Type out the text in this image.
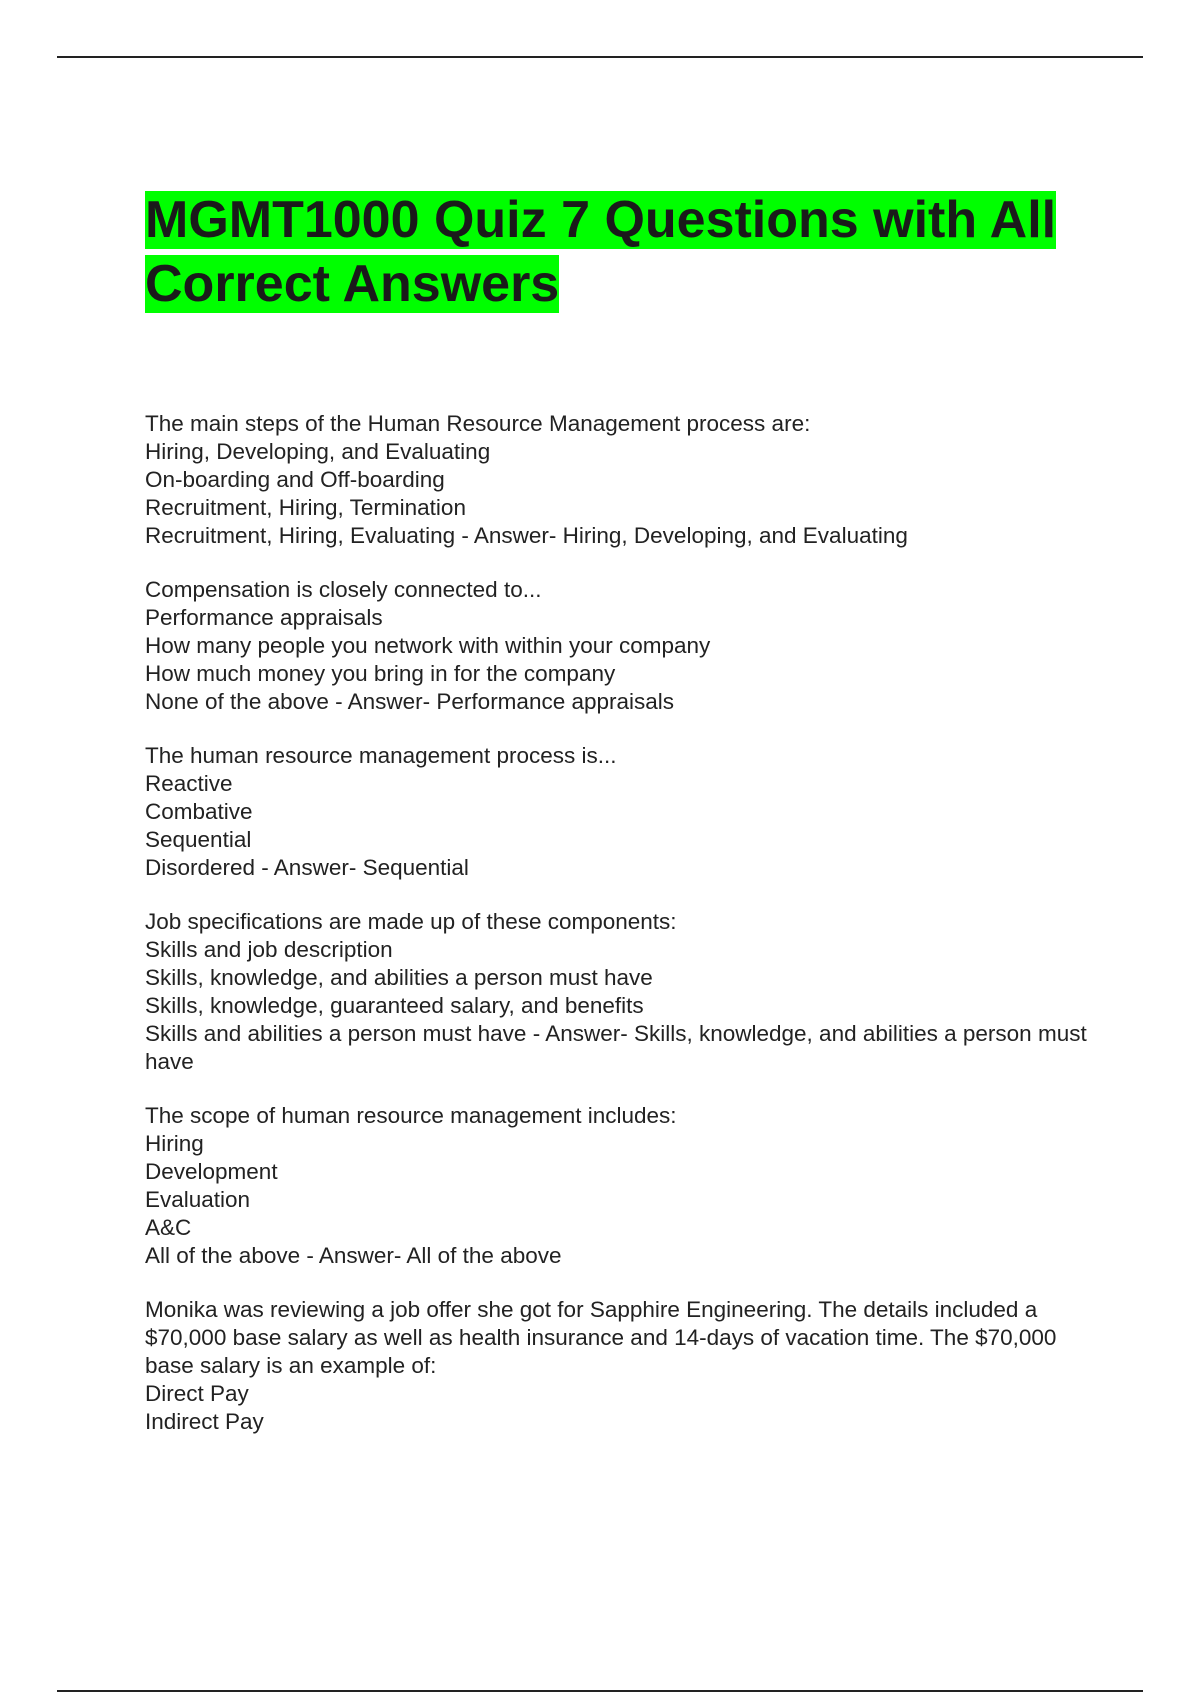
MGMT1000 Quiz 7 Questions with All Correct Answers
The main steps of the Human Resource Management process are:
Hiring, Developing, and Evaluating
On-boarding and Off-boarding
Recruitment, Hiring, Termination
Recruitment, Hiring, Evaluating - Answer- Hiring, Developing, and Evaluating
Compensation is closely connected to...
Performance appraisals
How many people you network with within your company
How much money you bring in for the company
None of the above - Answer- Performance appraisals
The human resource management process is...
Reactive
Combative
Sequential
Disordered - Answer- Sequential
Job specifications are made up of these components:
Skills and job description
Skills, knowledge, and abilities a person must have
Skills, knowledge, guaranteed salary, and benefits
Skills and abilities a person must have - Answer- Skills, knowledge, and abilities a person must have
The scope of human resource management includes:
Hiring
Development
Evaluation
A&C
All of the above - Answer- All of the above
Monika was reviewing a job offer she got for Sapphire Engineering. The details included a $70,000 base salary as well as health insurance and 14-days of vacation time. The $70,000 base salary is an example of:
Direct Pay
Indirect Pay
